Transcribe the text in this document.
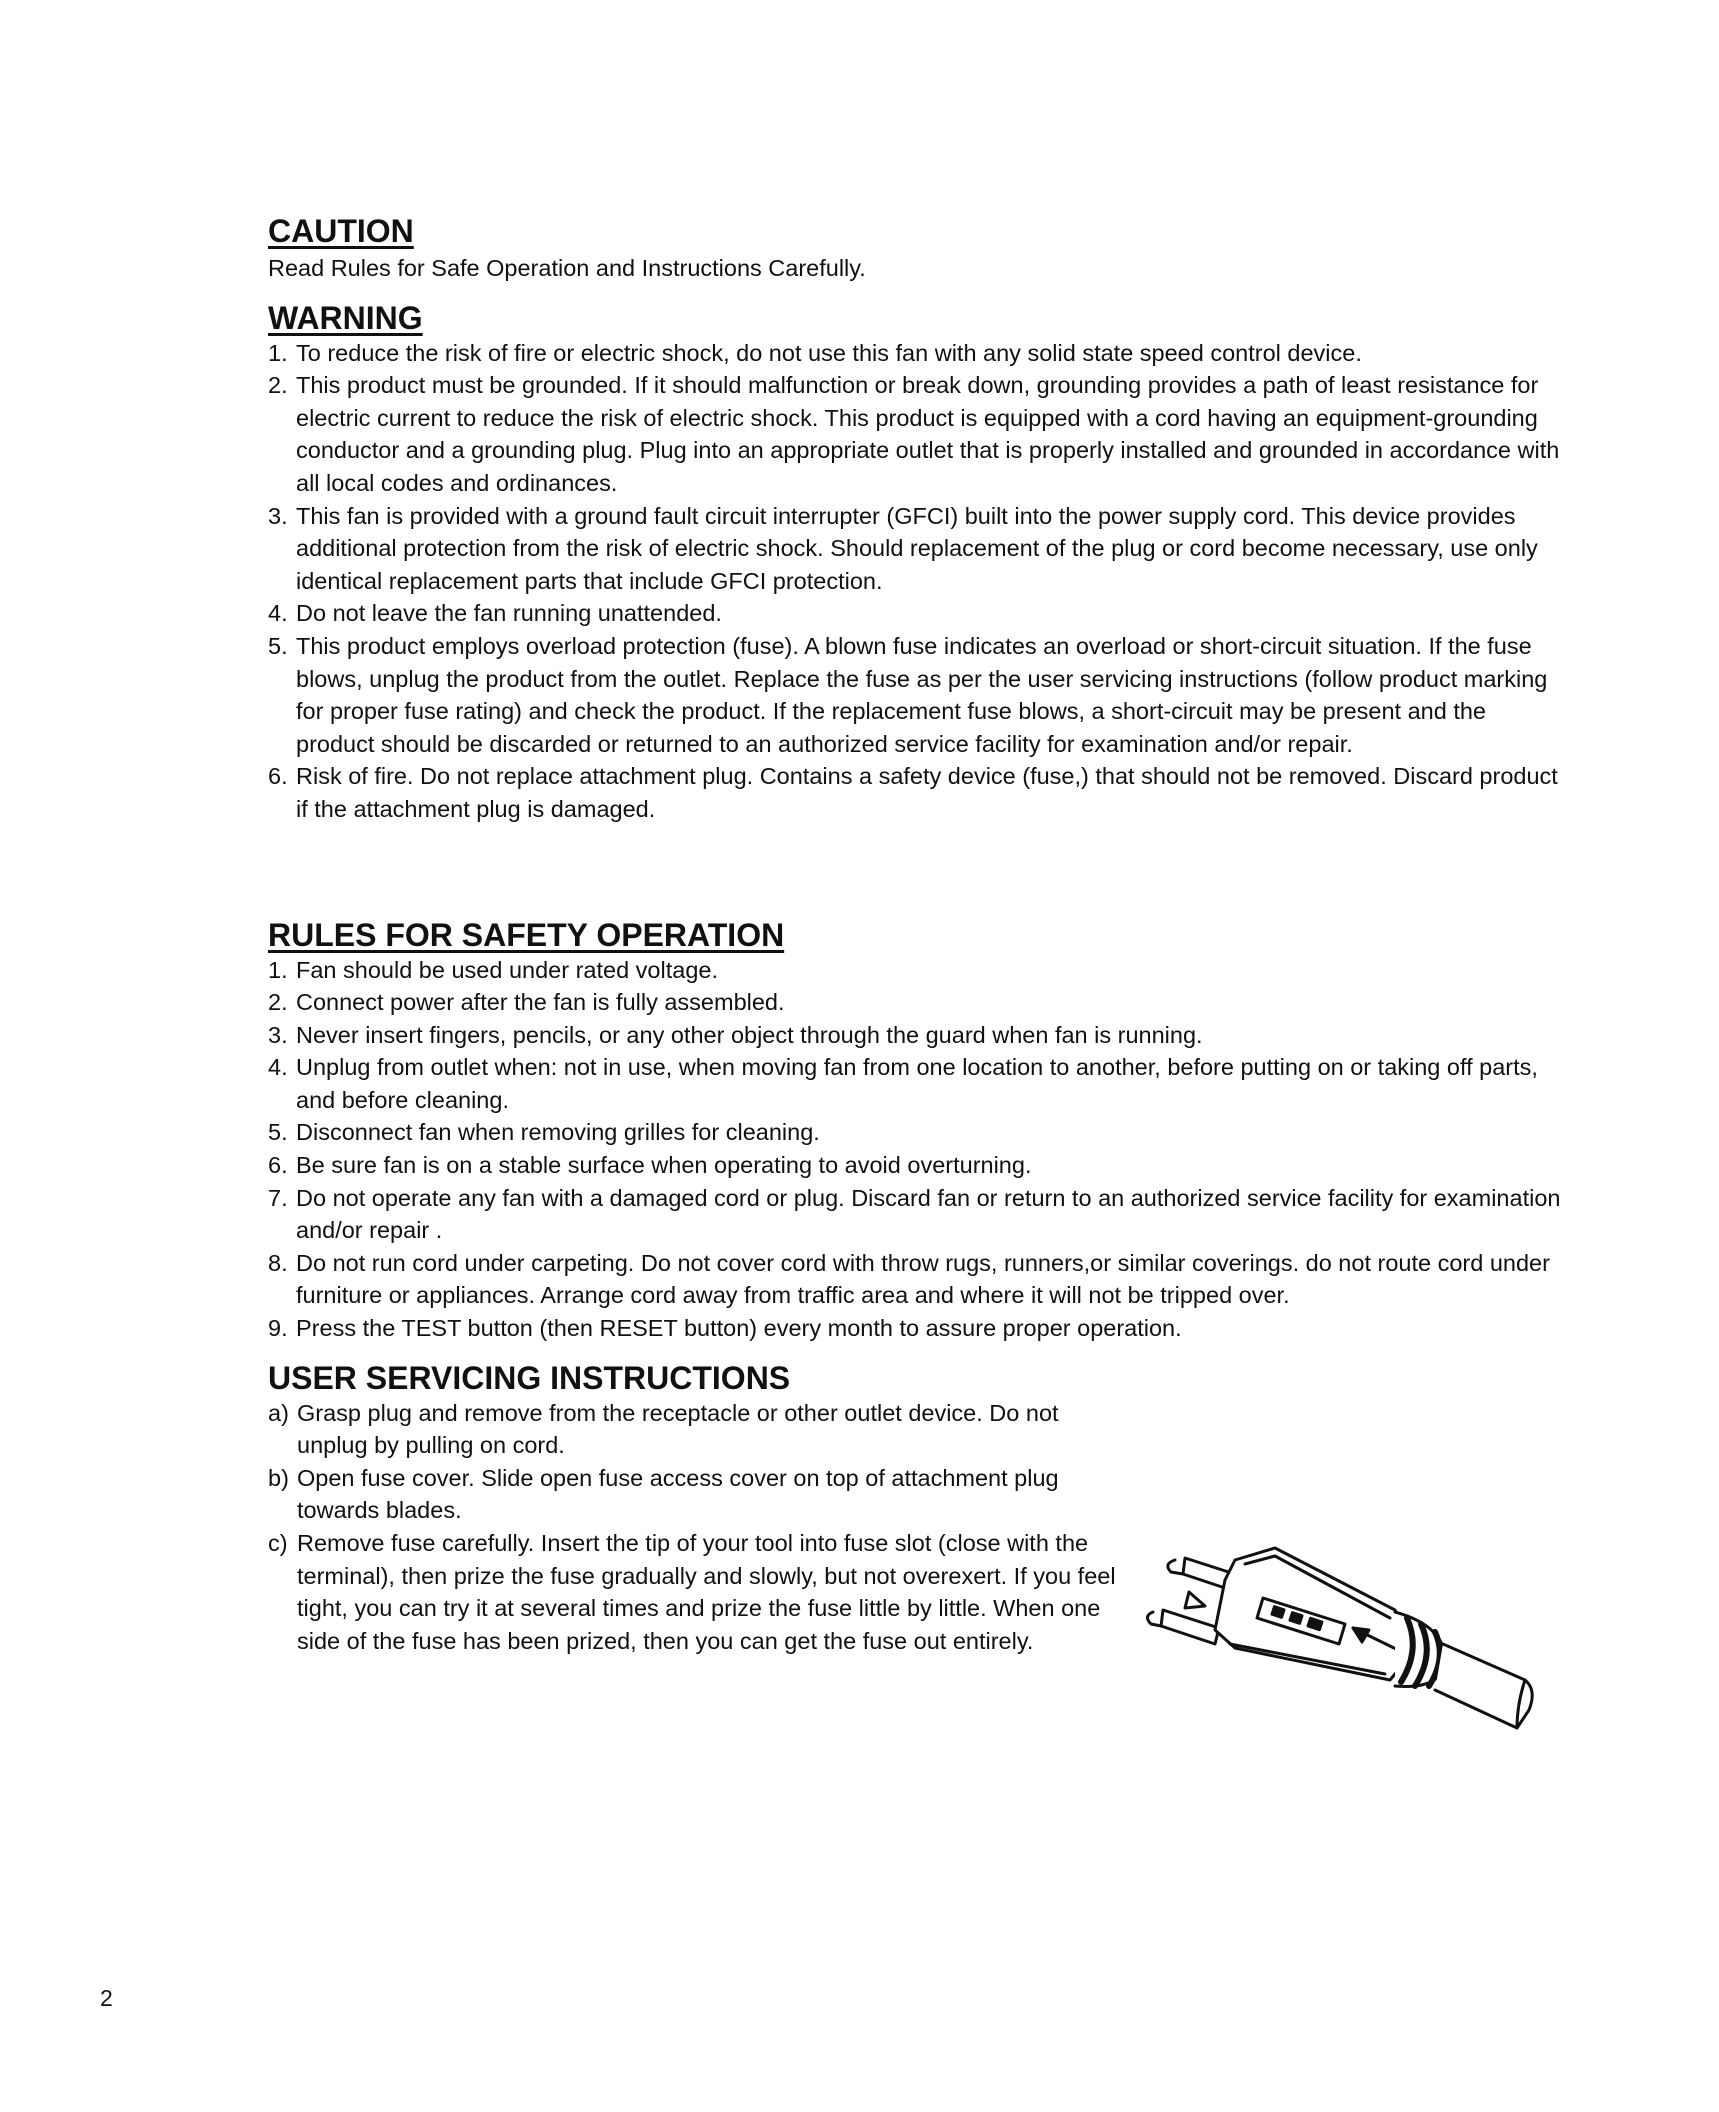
CAUTION

Read Rules for Safe Operation and Instructions Carefully.

WARNING
1. To reduce the risk of fire or electric shock, do not use this fan with any solid state speed control device.
2. This product must be grounded. If it should malfunction or break down, grounding provides a path of least resistance for electric current to reduce the risk of electric shock. This product is equipped with a cord having an equipment-grounding conductor and a grounding plug. Plug into an appropriate outlet that is properly installed and grounded in accordance with all local codes and ordinances.
3. This fan is provided with a ground fault circuit interrupter (GFCI) built into the power supply cord. This device provides additional protection from the risk of electric shock. Should replacement of the plug or cord become necessary, use only identical replacement parts that include GFCI protection.
4. Do not leave the fan running unattended.
5. This product employs overload protection (fuse). A blown fuse indicates an overload or short-circuit situation. If the fuse blows, unplug the product from the outlet. Replace the fuse as per the user servicing instructions (follow product marking for proper fuse rating) and check the product. If the replacement fuse blows, a short-circuit may be present and the product should be discarded or returned to an authorized service facility for examination and/or repair.
6. Risk of fire. Do not replace attachment plug. Contains a safety device (fuse,) that should not be removed. Discard product if the attachment plug is damaged.
RULES FOR SAFETY OPERATION
1. Fan should be used under rated voltage.
2. Connect power after the fan is fully assembled.
3. Never insert fingers, pencils, or any other object through the guard when fan is running.
4. Unplug from outlet when: not in use, when moving fan from one location to another, before putting on or taking off parts, and before cleaning.
5. Disconnect fan when removing grilles for cleaning.
6. Be sure fan is on a stable surface when operating to avoid overturning.
7. Do not operate any fan with a damaged cord or plug. Discard fan or return to an authorized service facility for examination and/or repair .
8. Do not run cord under carpeting. Do not cover cord with throw rugs, runners,or similar coverings. do not route cord under furniture or appliances. Arrange cord away from traffic area and where it will not be tripped over.
9. Press the TEST button (then RESET button) every month to assure proper operation.
USER SERVICING INSTRUCTIONS
a) Grasp plug and remove from the receptacle or other outlet device. Do not unplug by pulling on cord.
b) Open fuse cover. Slide open fuse access cover on top of attachment plug towards blades.
c) Remove fuse carefully. Insert the tip of your tool into fuse slot (close with the terminal), then prize the fuse gradually and slowly, but not overexert. If you feel tight, you can try it at several times and prize the fuse little by little. When one side of the fuse has been prized, then you can get the fuse out entirely.
2
